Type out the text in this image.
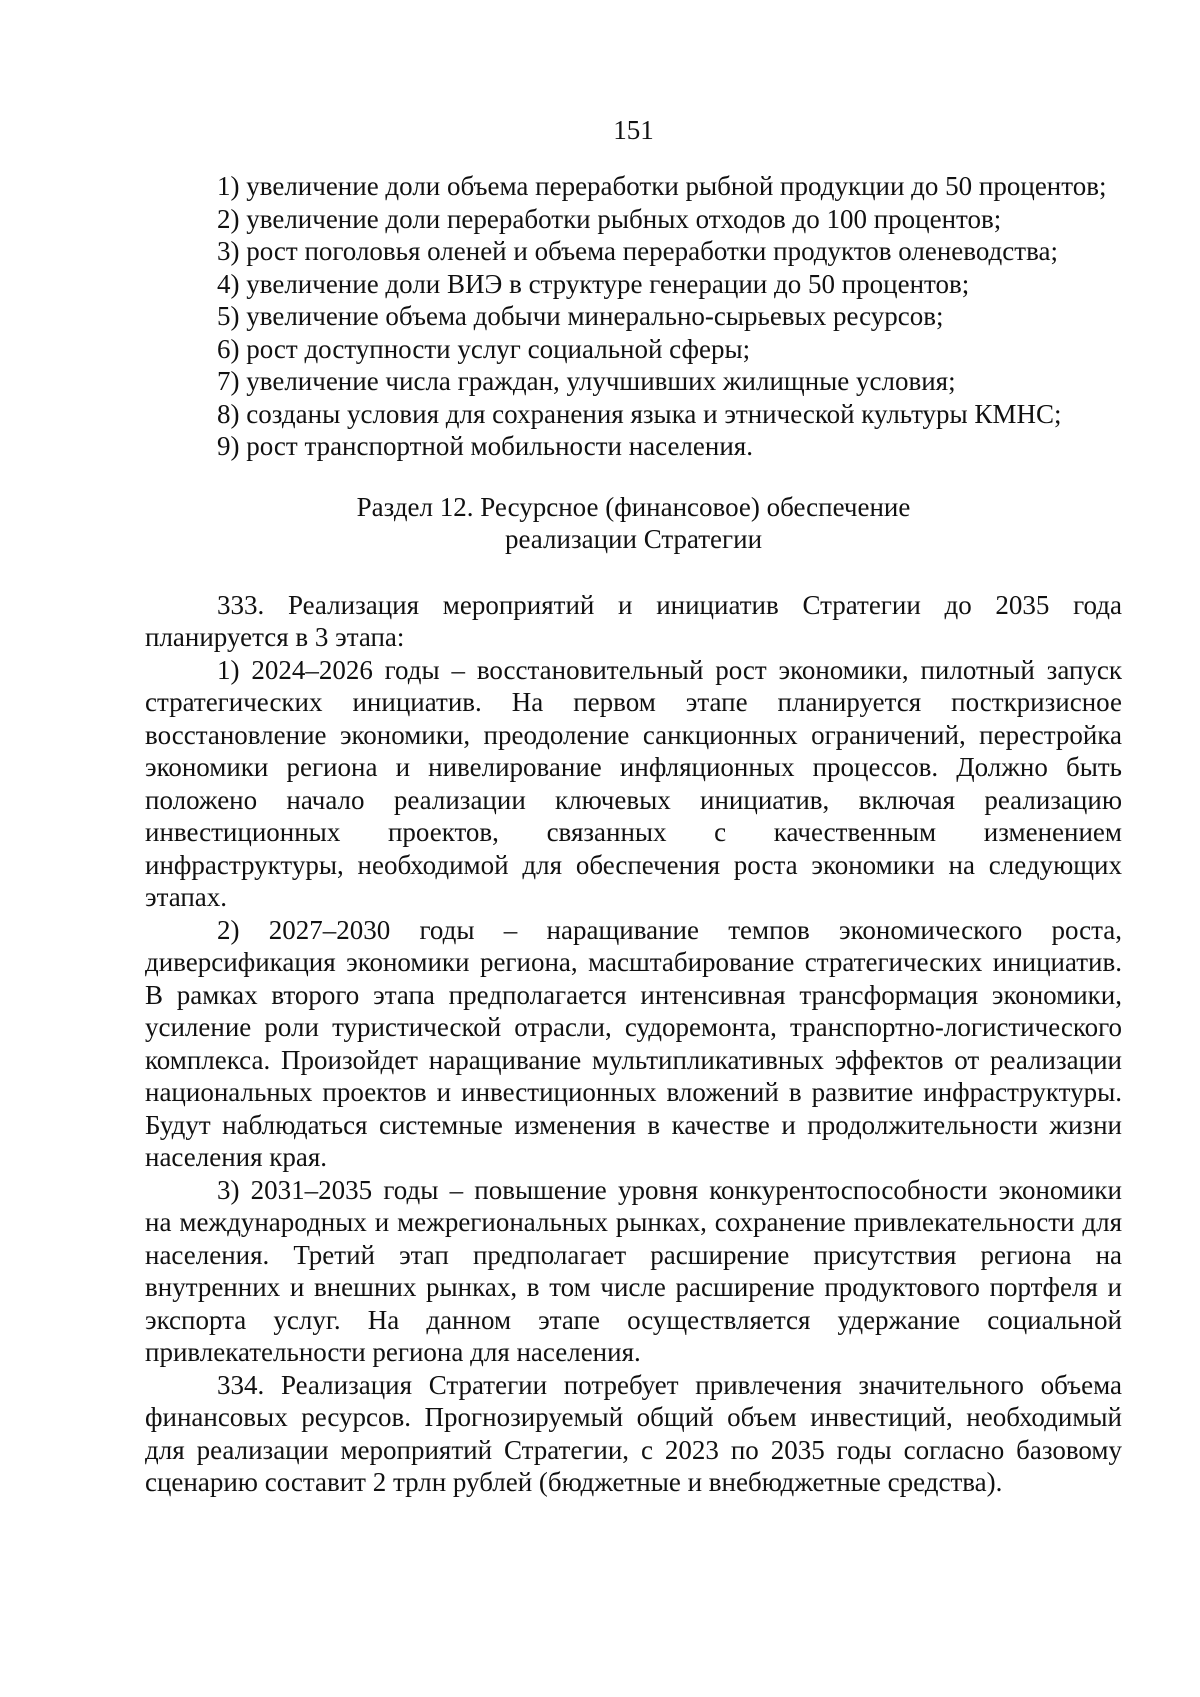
151

1) увеличение доли объема переработки рыбной продукции до 50 процентов;

2) увеличение доли переработки рыбных отходов до 100 процентов;

3) рост поголовья оленей и объема переработки продуктов оленеводства;

4) увеличение доли ВИЭ в структуре генерации до 50 процентов;

5) увеличение объема добычи минерально-сырьевых ресурсов;

6) рост доступности услуг социальной сферы;

7) увеличение числа граждан, улучшивших жилищные условия;

8) созданы условия для сохранения языка и этнической культуры КМНС;

9) рост транспортной мобильности населения.

Раздел 12. Ресурсное (финансовое) обеспечение
реализации Стратегии

333. Реализация мероприятий и инициатив Стратегии до 2035 года планируется в 3 этапа:

1) 2024–2026 годы – восстановительный рост экономики, пилотный запуск стратегических инициатив. На первом этапе планируется посткризисное восстановление экономики, преодоление санкционных ограничений, перестройка экономики региона и нивелирование инфляционных процессов. Должно быть положено начало реализации ключевых инициатив, включая реализацию инвестиционных проектов, связанных с качественным изменением инфраструктуры, необходимой для обеспечения роста экономики на следующих этапах.

2) 2027–2030 годы – наращивание темпов экономического роста, диверсификация экономики региона, масштабирование стратегических инициатив. В рамках второго этапа предполагается интенсивная трансформация экономики, усиление роли туристической отрасли, судоремонта, транспортно-логистического комплекса. Произойдет наращивание мультипликативных эффектов от реализации национальных проектов и инвестиционных вложений в развитие инфраструктуры. Будут наблюдаться системные изменения в качестве и продолжительности жизни населения края.

3) 2031–2035 годы – повышение уровня конкурентоспособности экономики на международных и межрегиональных рынках, сохранение привлекательности для населения. Третий этап предполагает расширение присутствия региона на внутренних и внешних рынках, в том числе расширение продуктового портфеля и экспорта услуг. На данном этапе осуществляется удержание социальной привлекательности региона для населения.

334. Реализация Стратегии потребует привлечения значительного объема финансовых ресурсов. Прогнозируемый общий объем инвестиций, необходимый для реализации мероприятий Стратегии, с 2023 по 2035 годы согласно базовому сценарию составит 2 трлн рублей (бюджетные и внебюджетные средства).
